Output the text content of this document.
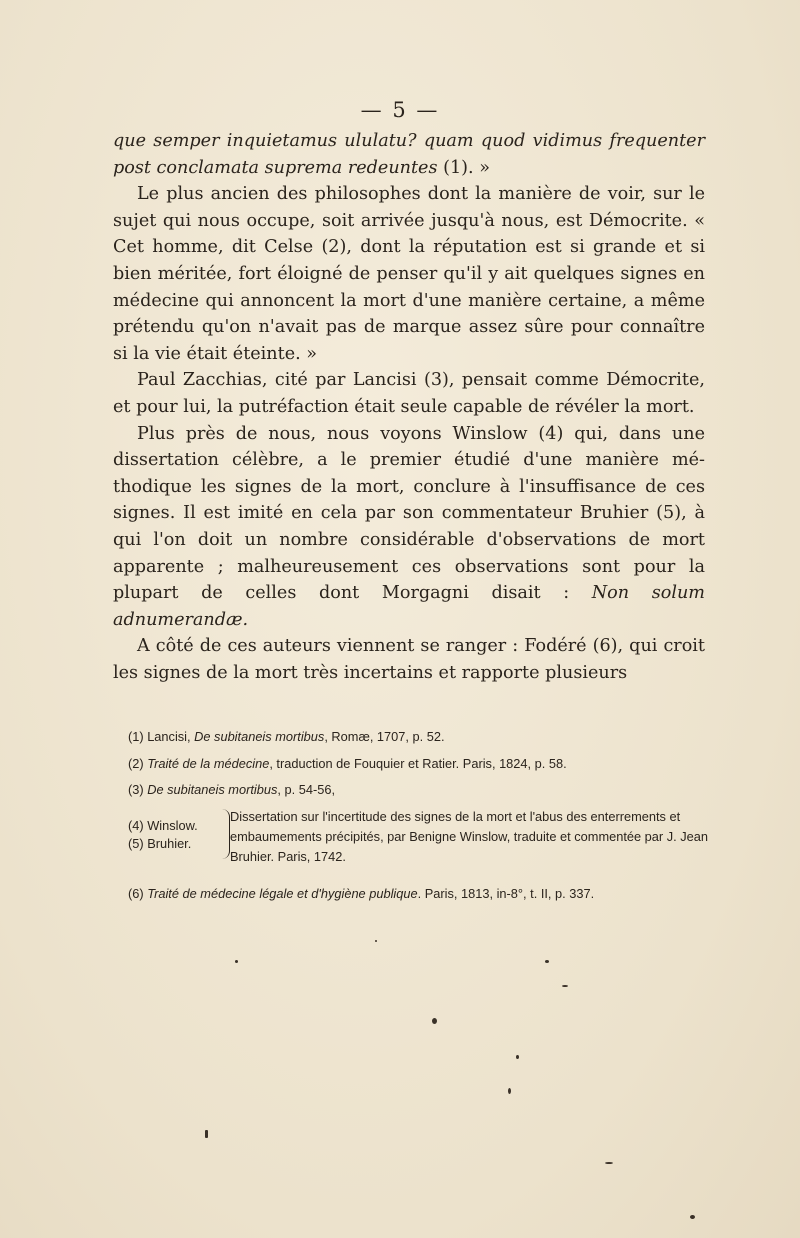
— 5 —

que semper inquietamus ululatu? quam quod vidimus frequenter post conclamata suprema redeuntes (1). »

Le plus ancien des philosophes dont la manière de voir, sur le sujet qui nous occupe, soit arrivée jusqu'à nous, est Démocrite. « Cet homme, dit Celse (2), dont la réputation est si grande et si bien méritée, fort éloigné de penser qu'il y ait quelques signes en médecine qui annoncent la mort d'une manière certaine, a même prétendu qu'on n'avait pas de marque assez sûre pour connaître si la vie était éteinte. »

Paul Zacchias, cité par Lancisi (3), pensait comme Démocrite, et pour lui, la putréfaction était seule capable de révéler la mort.

Plus près de nous, nous voyons Winslow (4) qui, dans une dissertation célèbre, a le premier étudié d'une manière méthodique les signes de la mort, conclure à l'insuffisance de ces signes. Il est imité en cela par son commentateur Bruhier (5), à qui l'on doit un nombre considérable d'observations de mort apparente ; malheureusement ces observations sont pour la plupart de celles dont Morgagni disait : Non solum adnumerandæ.

A côté de ces auteurs viennent se ranger : Fodéré (6), qui croit les signes de la mort très incertains et rapporte plusieurs

(1) Lancisi, De subitaneis mortibus, Romæ, 1707, p. 52.
(2) Traité de la médecine, traduction de Fouquier et Ratier. Paris, 1824, p. 58.
(3) De subitaneis mortibus, p. 54-56,
(4) Winslow.
(5) Bruhier.
Dissertation sur l'incertitude des signes de la mort et l'abus des enterrements et embaumements précipités, par Benigne Winslow, traduite et commentée par J. Jean Bruhier. Paris, 1742.
(6) Traité de médecine légale et d'hygiène publique. Paris, 1813, in-8°, t. II, p. 337.
